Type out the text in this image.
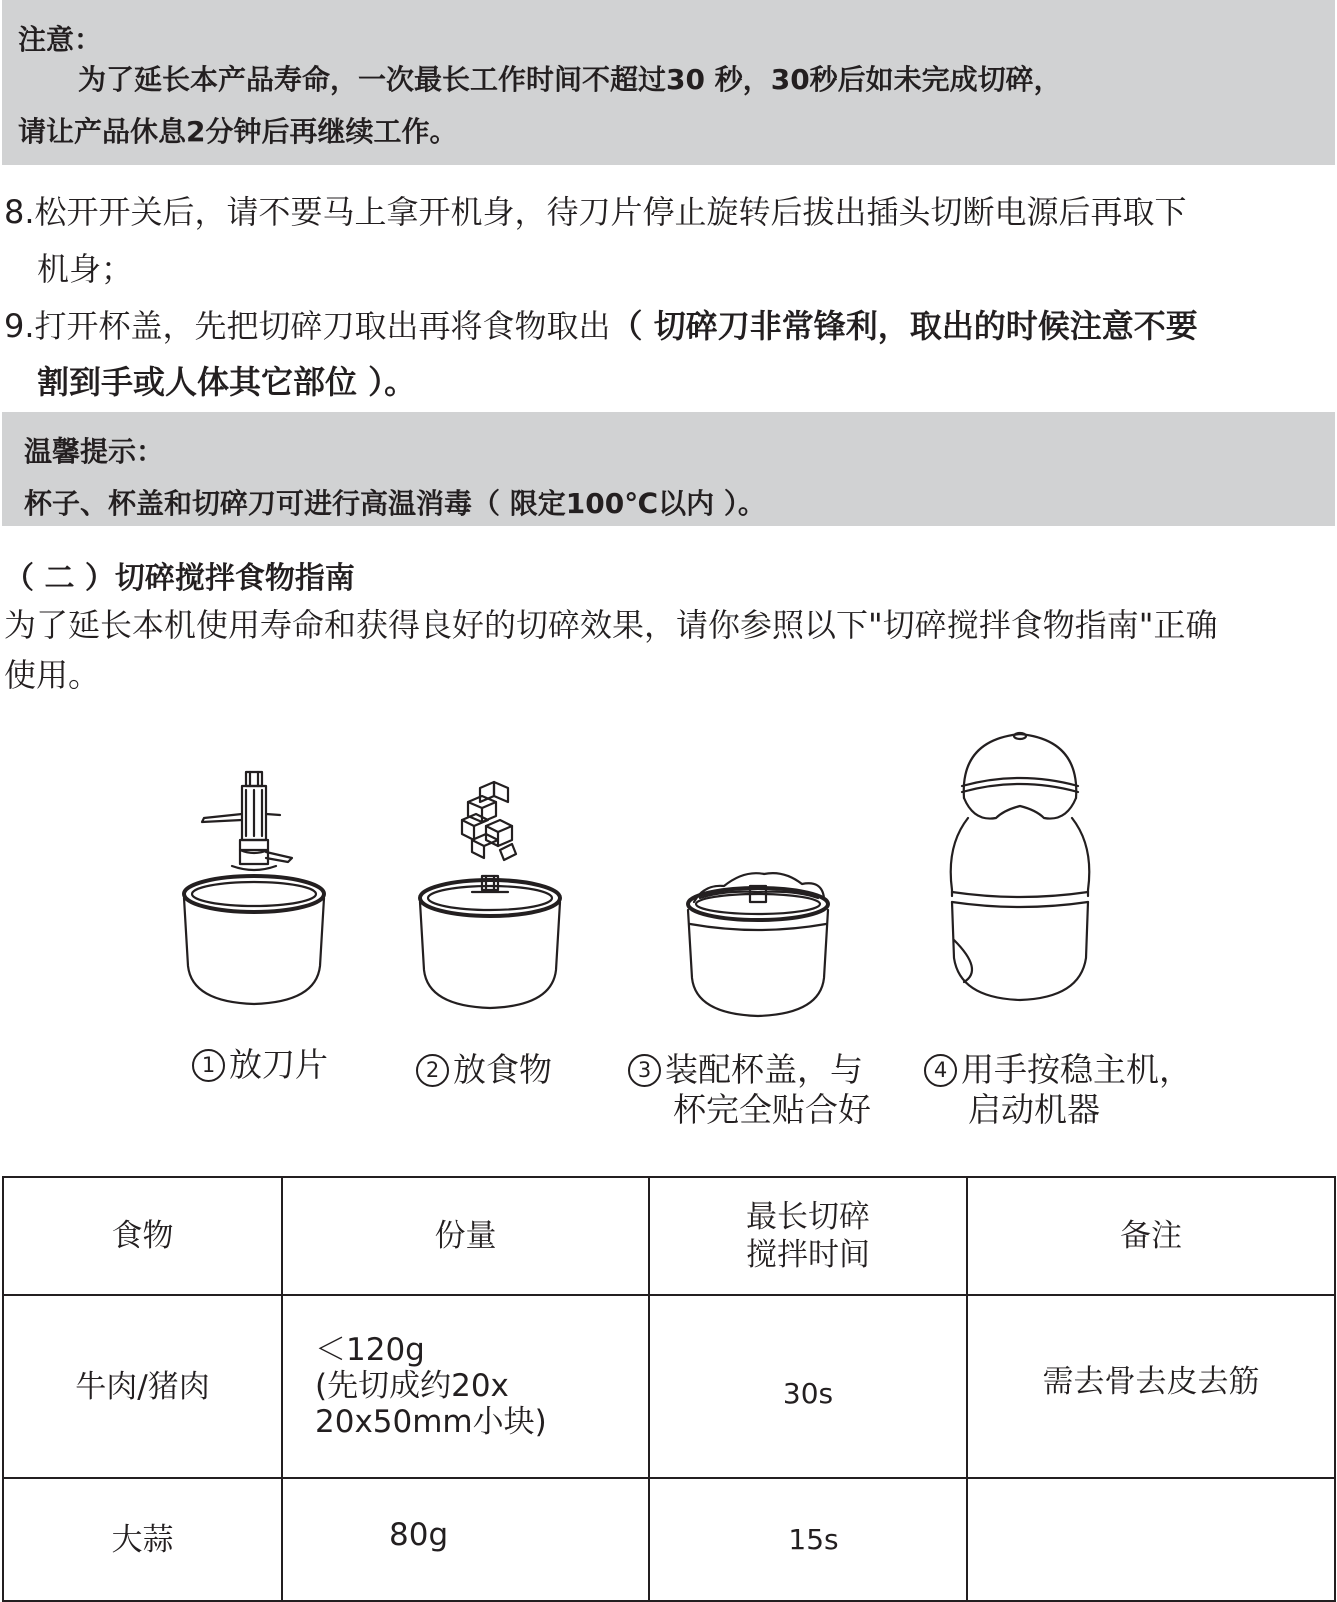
注意：
为了延长本产品寿命，一次最长工作时间不超过30 秒，30秒后如未完成切碎，
请让产品休息2分钟后再继续工作。
8.松开开关后，请不要马上拿开机身，待刀片停止旋转后拔出插头切断电源后再取下
机身；
9.打开杯盖，先把切碎刀取出再将食物取出（ 切碎刀非常锋利，取出的时候注意不要
割到手或人体其它部位 ）。
温馨提示：
杯子、杯盖和切碎刀可进行高温消毒（ 限定100℃以内 ）。
（ 二 ）切碎搅拌食物指南
为了延长本机使用寿命和获得良好的切碎效果，请你参照以下"切碎搅拌食物指南"正确
使用。
1 放刀片	2 放食物	3 装配杯盖，与
杯完全贴合好
4 用手按稳主机，
启动机器
食物	份量	最长切碎
搅拌时间	备注
牛肉/猪肉	＜120g
(先切成约20x
20x50mm小块)	30s	需去骨去皮去筋
大蒜	80g	15s	
